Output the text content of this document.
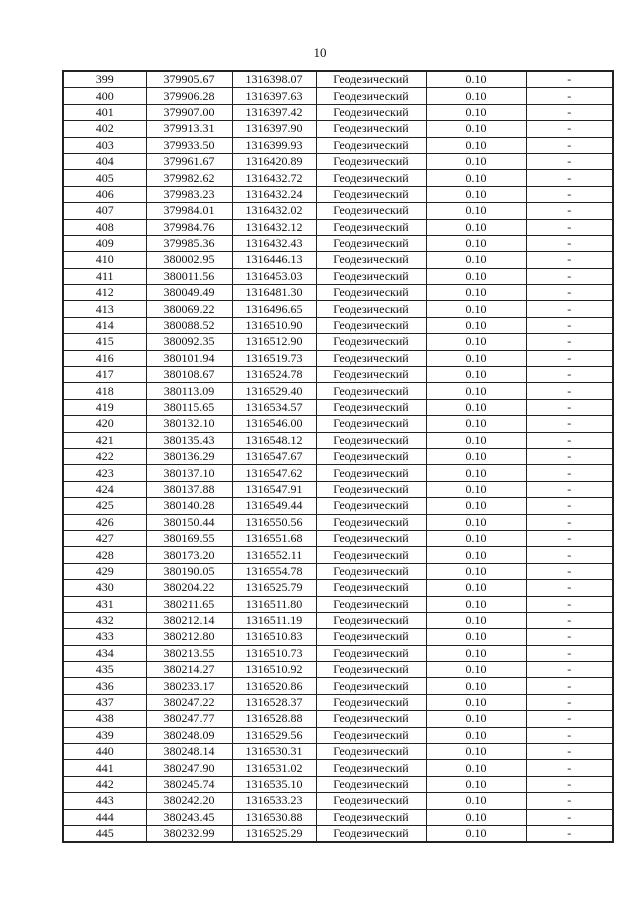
10
399	379905.67	1316398.07	Геодезический	0.10	-
400	379906.28	1316397.63	Геодезический	0.10	-
401	379907.00	1316397.42	Геодезический	0.10	-
402	379913.31	1316397.90	Геодезический	0.10	-
403	379933.50	1316399.93	Геодезический	0.10	-
404	379961.67	1316420.89	Геодезический	0.10	-
405	379982.62	1316432.72	Геодезический	0.10	-
406	379983.23	1316432.24	Геодезический	0.10	-
407	379984.01	1316432.02	Геодезический	0.10	-
408	379984.76	1316432.12	Геодезический	0.10	-
409	379985.36	1316432.43	Геодезический	0.10	-
410	380002.95	1316446.13	Геодезический	0.10	-
411	380011.56	1316453.03	Геодезический	0.10	-
412	380049.49	1316481.30	Геодезический	0.10	-
413	380069.22	1316496.65	Геодезический	0.10	-
414	380088.52	1316510.90	Геодезический	0.10	-
415	380092.35	1316512.90	Геодезический	0.10	-
416	380101.94	1316519.73	Геодезический	0.10	-
417	380108.67	1316524.78	Геодезический	0.10	-
418	380113.09	1316529.40	Геодезический	0.10	-
419	380115.65	1316534.57	Геодезический	0.10	-
420	380132.10	1316546.00	Геодезический	0.10	-
421	380135.43	1316548.12	Геодезический	0.10	-
422	380136.29	1316547.67	Геодезический	0.10	-
423	380137.10	1316547.62	Геодезический	0.10	-
424	380137.88	1316547.91	Геодезический	0.10	-
425	380140.28	1316549.44	Геодезический	0.10	-
426	380150.44	1316550.56	Геодезический	0.10	-
427	380169.55	1316551.68	Геодезический	0.10	-
428	380173.20	1316552.11	Геодезический	0.10	-
429	380190.05	1316554.78	Геодезический	0.10	-
430	380204.22	1316525.79	Геодезический	0.10	-
431	380211.65	1316511.80	Геодезический	0.10	-
432	380212.14	1316511.19	Геодезический	0.10	-
433	380212.80	1316510.83	Геодезический	0.10	-
434	380213.55	1316510.73	Геодезический	0.10	-
435	380214.27	1316510.92	Геодезический	0.10	-
436	380233.17	1316520.86	Геодезический	0.10	-
437	380247.22	1316528.37	Геодезический	0.10	-
438	380247.77	1316528.88	Геодезический	0.10	-
439	380248.09	1316529.56	Геодезический	0.10	-
440	380248.14	1316530.31	Геодезический	0.10	-
441	380247.90	1316531.02	Геодезический	0.10	-
442	380245.74	1316535.10	Геодезический	0.10	-
443	380242.20	1316533.23	Геодезический	0.10	-
444	380243.45	1316530.88	Геодезический	0.10	-
445	380232.99	1316525.29	Геодезический	0.10	-
